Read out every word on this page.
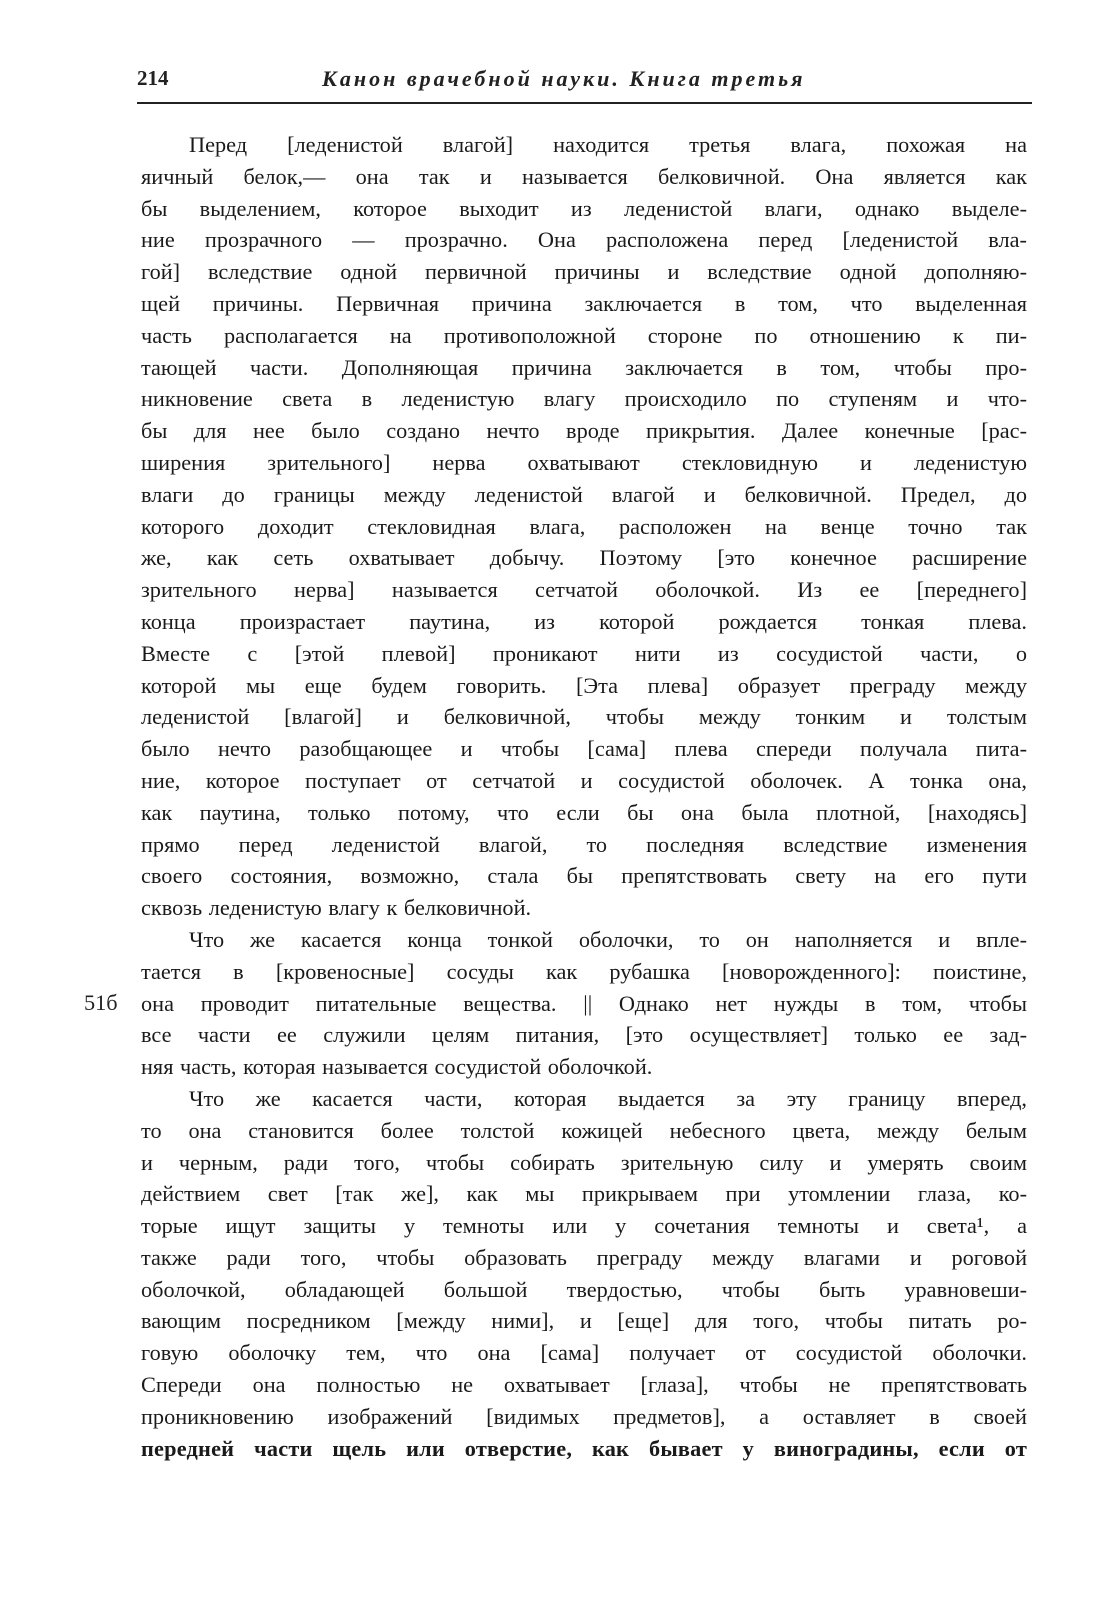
214	Канон врачебной науки. Книга третья
51б
Перед [леденистой влагой] находится третья влага, похожая на
яичный белок,— она так и называется белковичной. Она является как
бы выделением, которое выходит из леденистой влаги, однако выделе-
ние прозрачного — прозрачно. Она расположена перед [леденистой вла-
гой] вследствие одной первичной причины и вследствие одной дополняю-
щей причины. Первичная причина заключается в том, что выделенная
часть располагается на противоположной стороне по отношению к пи-
тающей части. Дополняющая причина заключается в том, чтобы про-
никновение света в леденистую влагу происходило по ступеням и что-
бы для нее было создано нечто вроде прикрытия. Далее конечные [рас-
ширения зрительного] нерва охватывают стекловидную и леденистую
влаги до границы между леденистой влагой и белковичной. Предел, до
которого доходит стекловидная влага, расположен на венце точно так
же, как сеть охватывает добычу. Поэтому [это конечное расширение
зрительного нерва] называется сетчатой оболочкой. Из ее [переднего]
конца произрастает паутина, из которой рождается тонкая плева.
Вместе с [этой плевой] проникают нити из сосудистой части, о
которой мы еще будем говорить. [Эта плева] образует преграду между
леденистой [влагой] и белковичной, чтобы между тонким и толстым
было нечто разобщающее и чтобы [сама] плева спереди получала пита-
ние, которое поступает от сетчатой и сосудистой оболочек. А тонка она,
как паутина, только потому, что если бы она была плотной, [находясь]
прямо перед леденистой влагой, то последняя вследствие изменения
своего состояния, возможно, стала бы препятствовать свету на его пути
сквозь леденистую влагу к белковичной.
Что же касается конца тонкой оболочки, то он наполняется и впле-
тается в [кровеносные] сосуды как рубашка [новорожденного]: поистине,
она проводит питательные вещества. || Однако нет нужды в том, чтобы
все части ее служили целям питания, [это осуществляет] только ее зад-
няя часть, которая называется сосудистой оболочкой.
Что же касается части, которая выдается за эту границу вперед,
то она становится более толстой кожицей небесного цвета, между белым
и черным, ради того, чтобы собирать зрительную силу и умерять своим
действием свет [так же], как мы прикрываем при утомлении глаза, ко-
торые ищут защиты у темноты или у сочетания темноты и света¹, а
также ради того, чтобы образовать преграду между влагами и роговой
оболочкой, обладающей большой твердостью, чтобы быть уравновеши-
вающим посредником [между ними], и [еще] для того, чтобы питать ро-
говую оболочку тем, что она [сама] получает от сосудистой оболочки.
Спереди она полностью не охватывает [глаза], чтобы не препятствовать
проникновению изображений [видимых предметов], а оставляет в своей
передней части щель или отверстие, как бывает у виноградины, если от
